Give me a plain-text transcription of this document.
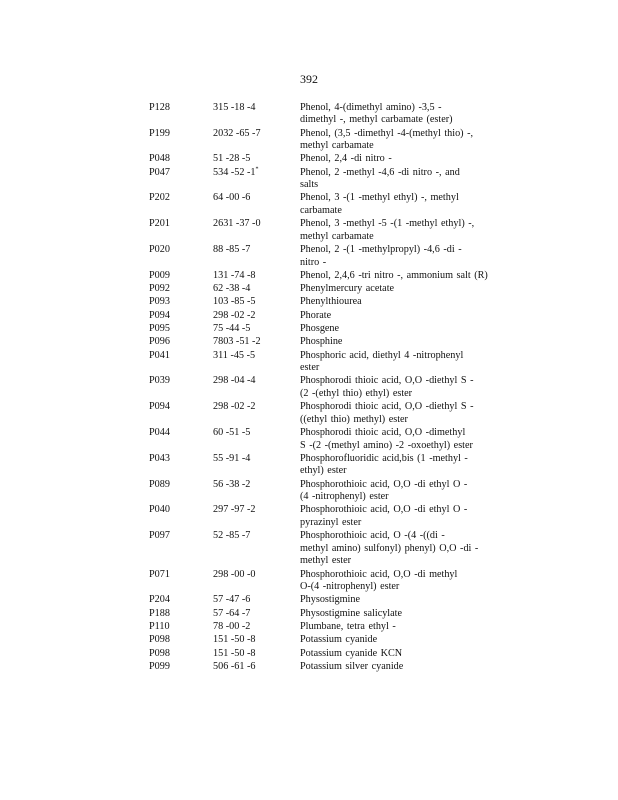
392
P128	315 -18 -4	Phenol, 4-(dimethyl amino) -3,5 -
dimethyl -, methyl carbamate (ester)
P199	2032 -65 -7	Phenol, (3,5 -dimethyl -4-(methyl thio) -,
methyl carbamate
P048	51 -28 -5	Phenol, 2,4 -di nitro -
P047	534 -52 -1*	Phenol, 2 -methyl -4,6 -di nitro -, and
salts
P202	64 -00 -6	Phenol, 3 -(1 -methyl ethyl) -, methyl
carbamate
P201	2631 -37 -0	Phenol, 3 -methyl -5 -(1 -methyl ethyl) -,
methyl carbamate
P020	88 -85 -7	Phenol, 2 -(1 -methylpropyl) -4,6 -di -
nitro -
P009	131 -74 -8	Phenol, 2,4,6 -tri nitro -, ammonium salt (R)
P092	62 -38 -4	Phenylmercury acetate
P093	103 -85 -5	Phenylthiourea
P094	298 -02 -2	Phorate
P095	75 -44 -5	Phosgene
P096	7803 -51 -2	Phosphine
P041	311 -45 -5	Phosphoric acid, diethyl 4 -nitrophenyl
ester
P039	298 -04 -4	Phosphorodi thioic acid, O,O -diethyl S -
(2 -(ethyl thio) ethyl) ester
P094	298 -02 -2	Phosphorodi thioic acid, O,O -diethyl S -
((ethyl thio) methyl) ester
P044	60 -51 -5	Phosphorodi thioic acid, O,O -dimethyl
S -(2 -(methyl amino) -2 -oxoethyl) ester
P043	55 -91 -4	Phosphorofluoridic acid,bis (1 -methyl -
ethyl) ester
P089	56 -38 -2	Phosphorothioic acid, O,O -di ethyl O -
(4 -nitrophenyl) ester
P040	297 -97 -2	Phosphorothioic acid, O,O -di ethyl O -
pyrazinyl ester
P097	52 -85 -7	Phosphorothioic acid, O -(4 -((di -
methyl amino) sulfonyl) phenyl) O,O -di -
methyl ester
P071	298 -00 -0	Phosphorothioic acid, O,O -di methyl
O-(4 -nitrophenyl) ester
P204	57 -47 -6	Physostigmine
P188	57 -64 -7	Physostigmine salicylate
P110	78 -00 -2	Plumbane, tetra ethyl -
P098	151 -50 -8	Potassium cyanide
P098	151 -50 -8	Potassium cyanide KCN
P099	506 -61 -6	Potassium silver cyanide
